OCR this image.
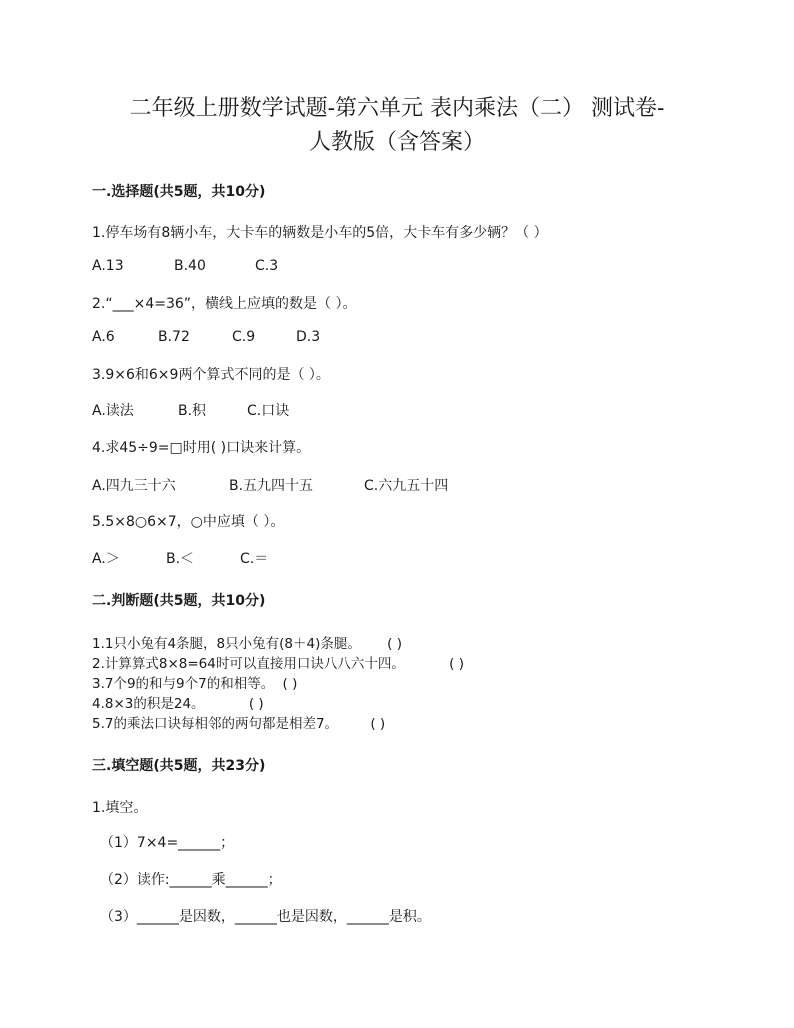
二年级上册数学试题-第六单元 表内乘法（二） 测试卷-
人教版（含答案）
一.选择题(共5题，共10分)
1.停车场有8辆小车，大卡车的辆数是小车的5倍，大卡车有多少辆？（ ）
A.13	B.40	C.3
2.“___×4=36”，横线上应填的数是（ ）。
A.6	B.72	C.9	D.3
3.9×6和6×9两个算式不同的是（ ）。
A.读法	B.积	C.口诀
4.求45÷9=□时用( )口诀来计算。
A.四九三十六	B.五九四十五	C.六九五十四
5.5×8○6×7，○中应填（ ）。
A.＞	B.＜	C.＝
二.判断题(共5题，共10分)
1.1只小兔有4条腿，8只小兔有(8＋4)条腿。 ( )
2.计算算式8×8=64时可以直接用口诀八八六十四。	( )
3.7个9的和与9个7的和相等。 ( )
4.8×3的积是24。	( )
5.7的乘法口诀每相邻的两句都是相差7。 ( )
三.填空题(共5题，共23分)
1.填空。
（1）7×4=______；
（2）读作:______乘______；
（3）______是因数，______也是因数，______是积。
